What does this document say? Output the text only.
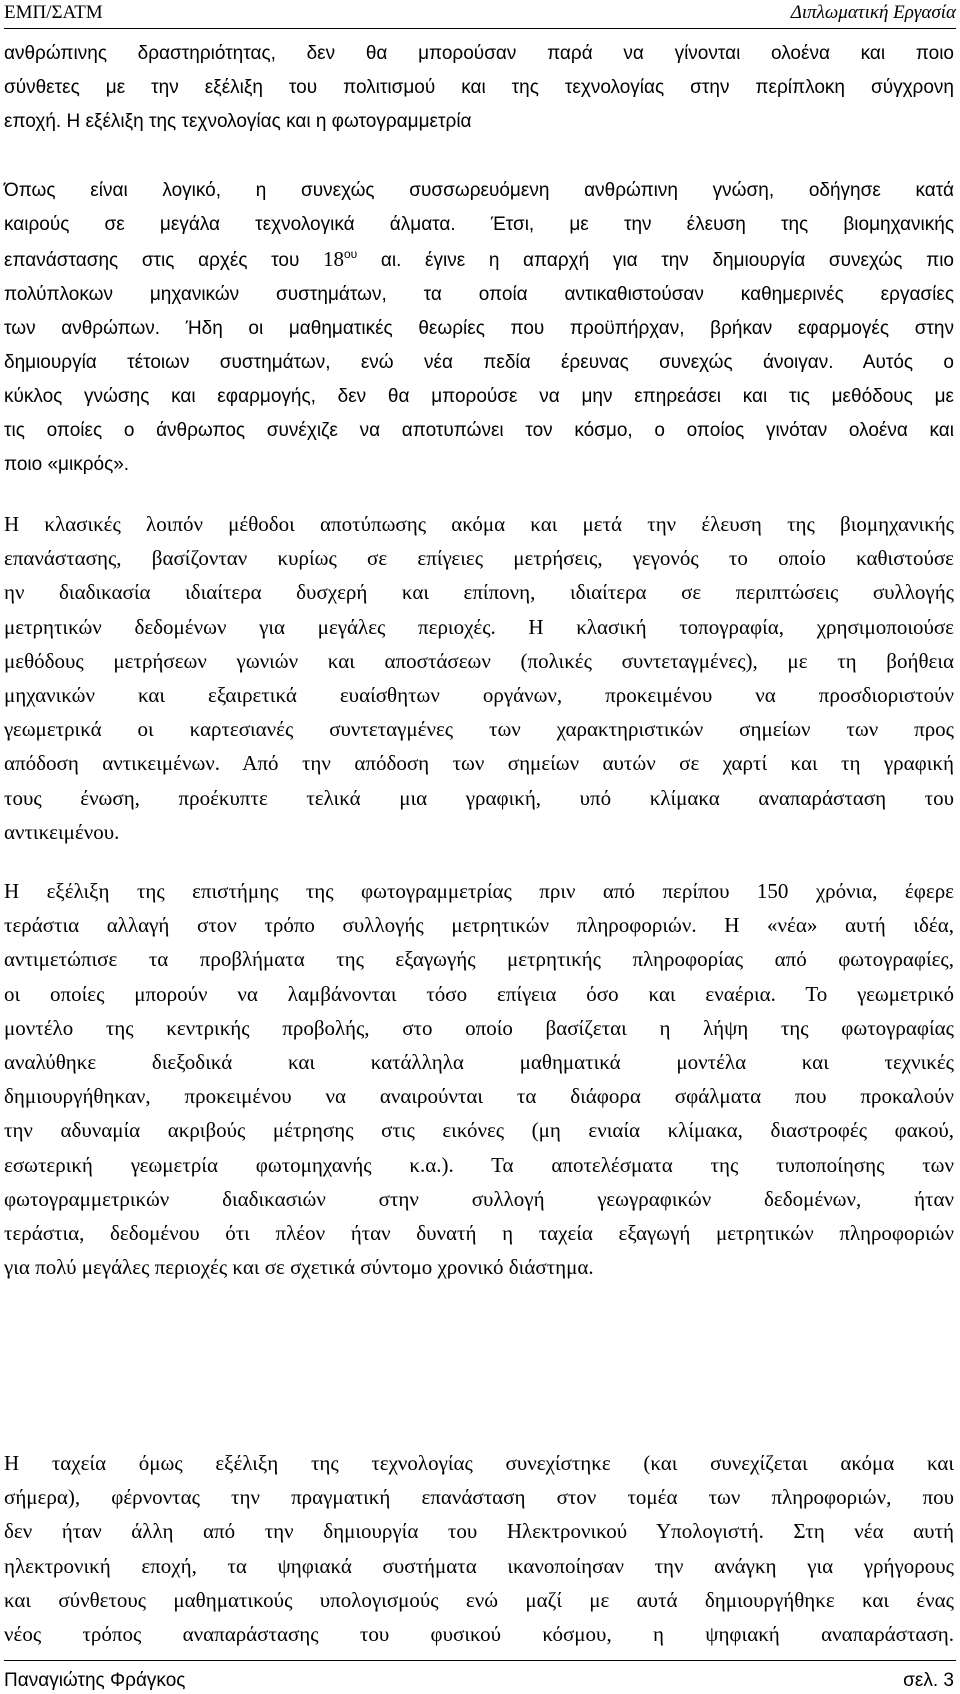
ΕΜΠ/ΣΑΤΜ	Διπλωματική Εργασία
ανθρώπινης δραστηριότητας, δεν θα μπορούσαν παρά να γίνονται ολοένα και ποιο
σύνθετες με την εξέλιξη του πολιτισμού και της τεχνολογίας στην περίπλοκη σύγχρονη
εποχή. Η εξέλιξη της τεχνολογίας και η φωτογραμμετρία
Όπως είναι λογικό, η συνεχώς συσσωρευόμενη ανθρώπινη γνώση, οδήγησε κατά
καιρούς σε μεγάλα τεχνολογικά άλματα. Έτσι, με την έλευση της βιομηχανικής
επανάστασης στις αρχές του $18^{o\upsilon}$ αι. έγινε η απαρχή για την δημιουργία συνεχώς πιο
πολύπλοκων μηχανικών συστημάτων, τα οποία αντικαθιστούσαν καθημερινές εργασίες
των ανθρώπων. Ήδη οι μαθηματικές θεωρίες που προϋπήρχαν, βρήκαν εφαρμογές στην
δημιουργία τέτοιων συστημάτων, ενώ νέα πεδία έρευνας συνεχώς άνοιγαν. Αυτός ο
κύκλος γνώσης και εφαρμογής, δεν θα μπορούσε να μην επηρεάσει και τις μεθόδους με
τις οποίες ο άνθρωπος συνέχιζε να αποτυπώνει τον κόσμο, ο οποίος γινόταν ολοένα και
ποιο «μικρός».
Η κλασικές λοιπόν μέθοδοι αποτύπωσης ακόμα και μετά την έλευση της βιομηχανικής
επανάστασης, βασίζονταν κυρίως σε επίγειες μετρήσεις, γεγονός το οποίο καθιστούσε
ην διαδικασία ιδιαίτερα δυσχερή και επίπονη, ιδιαίτερα σε περιπτώσεις συλλογής
μετρητικών δεδομένων για μεγάλες περιοχές. Η κλασική τοπογραφία, χρησιμοποιούσε
μεθόδους μετρήσεων γωνιών και αποστάσεων (πολικές συντεταγμένες), με τη βοήθεια
μηχανικών και εξαιρετικά ευαίσθητων οργάνων, προκειμένου να προσδιοριστούν
γεωμετρικά οι καρτεσιανές συντεταγμένες των χαρακτηριστικών σημείων των προς
απόδοση αντικειμένων. Από την απόδοση των σημείων αυτών σε χαρτί και τη γραφική
τους ένωση, προέκυπτε τελικά μια γραφική, υπό κλίμακα αναπαράσταση του
αντικειμένου.
Η εξέλιξη της επιστήμης της φωτογραμμετρίας πριν από περίπου 150 χρόνια, έφερε
τεράστια αλλαγή στον τρόπο συλλογής μετρητικών πληροφοριών. Η «νέα» αυτή ιδέα,
αντιμετώπισε τα προβλήματα της εξαγωγής μετρητικής πληροφορίας από φωτογραφίες,
οι οποίες μπορούν να λαμβάνονται τόσο επίγεια όσο και εναέρια. Το γεωμετρικό
μοντέλο της κεντρικής προβολής, στο οποίο βασίζεται η λήψη της φωτογραφίας
αναλύθηκε διεξοδικά και κατάλληλα μαθηματικά μοντέλα και τεχνικές
δημιουργήθηκαν, προκειμένου να αναιρούνται τα διάφορα σφάλματα που προκαλούν
την αδυναμία ακριβούς μέτρησης στις εικόνες (μη ενιαία κλίμακα, διαστροφές φακού,
εσωτερική γεωμετρία φωτομηχανής κ.α.). Τα αποτελέσματα της τυποποίησης των
φωτογραμμετρικών διαδικασιών στην συλλογή γεωγραφικών δεδομένων, ήταν
τεράστια, δεδομένου ότι πλέον ήταν δυνατή η ταχεία εξαγωγή μετρητικών πληροφοριών
για πολύ μεγάλες περιοχές και σε σχετικά σύντομο χρονικό διάστημα.
Η ταχεία όμως εξέλιξη της τεχνολογίας συνεχίστηκε (και συνεχίζεται ακόμα και
σήμερα), φέρνοντας την πραγματική επανάσταση στον τομέα των πληροφοριών, που
δεν ήταν άλλη από την δημιουργία του Ηλεκτρονικού Υπολογιστή. Στη νέα αυτή
ηλεκτρονική εποχή, τα ψηφιακά συστήματα ικανοποίησαν την ανάγκη για γρήγορους
και σύνθετους μαθηματικούς υπολογισμούς ενώ μαζί με αυτά δημιουργήθηκε και ένας
νέος τρόπος αναπαράστασης του φυσικού κόσμου, η ψηφιακή αναπαράσταση.
Παναγιώτης Φράγκος	σελ. 3
